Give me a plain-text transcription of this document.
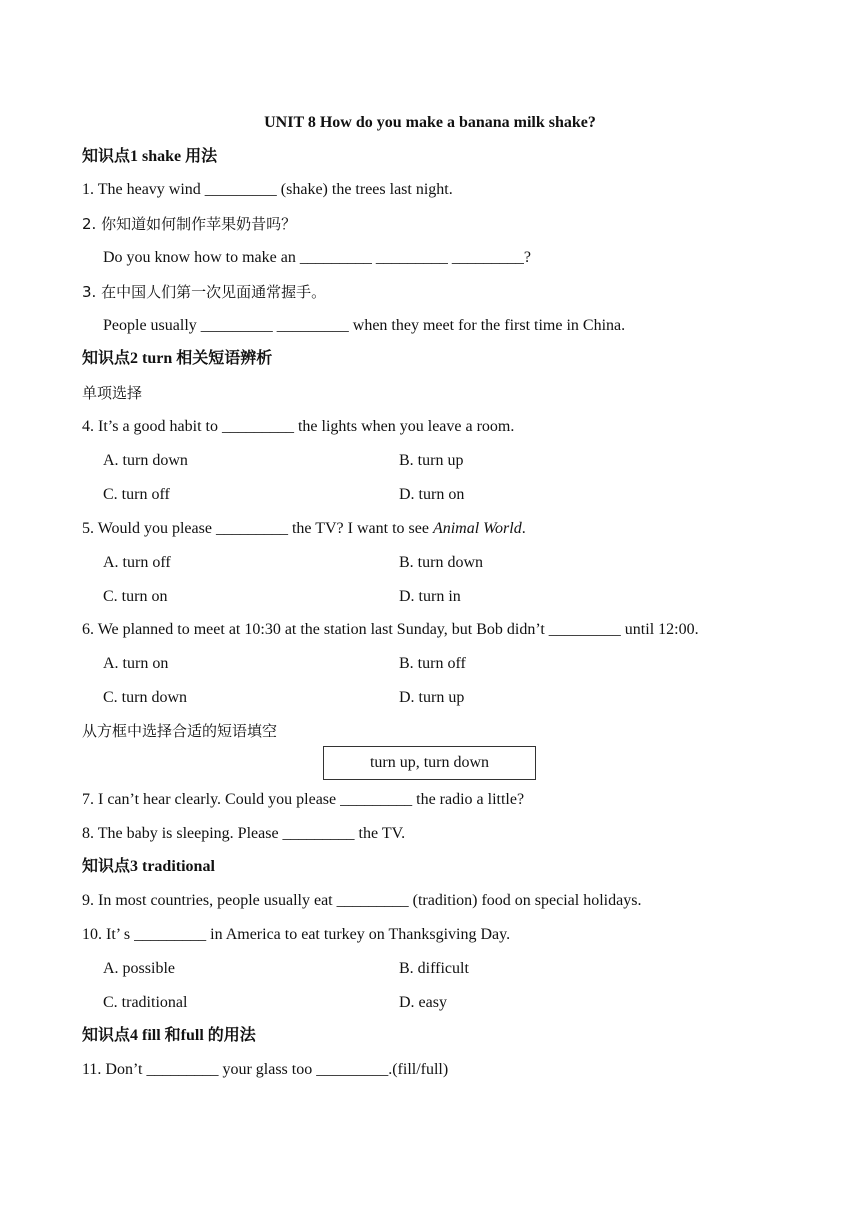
UNIT 8 How do you make a banana milk shake?
知识点1 shake 用法
1. The heavy wind _________ (shake) the trees last night.
2. 你知道如何制作苹果奶昔吗？
Do you know how to make an _________ _________ _________?
3. 在中国人们第一次见面通常握手。
People usually _________ _________ when they meet for the first time in China.
知识点2 turn 相关短语辨析
单项选择
4. It’s a good habit to _________ the lights when you leave a room.
A. turn down	B. turn up
C. turn off	D. turn on
5. Would you please _________ the TV? I want to see Animal World.
A. turn off	B. turn down
C. turn on	D. turn in
6. We planned to meet at 10:30 at the station last Sunday, but Bob didn’t _________ until 12:00.
A. turn on	B. turn off
C. turn down	D. turn up
从方框中选择合适的短语填空
turn up, turn down
7. I can’t hear clearly. Could you please _________ the radio a little?
8. The baby is sleeping. Please _________ the TV.
知识点3 traditional
9. In most countries, people usually eat _________ (tradition) food on special holidays.
10. It’ s _________ in America to eat turkey on Thanksgiving Day.
A. possible	B. difficult
C. traditional	D. easy
知识点4 fill 和full 的用法
11. Don’t _________ your glass too _________.(fill/full)
